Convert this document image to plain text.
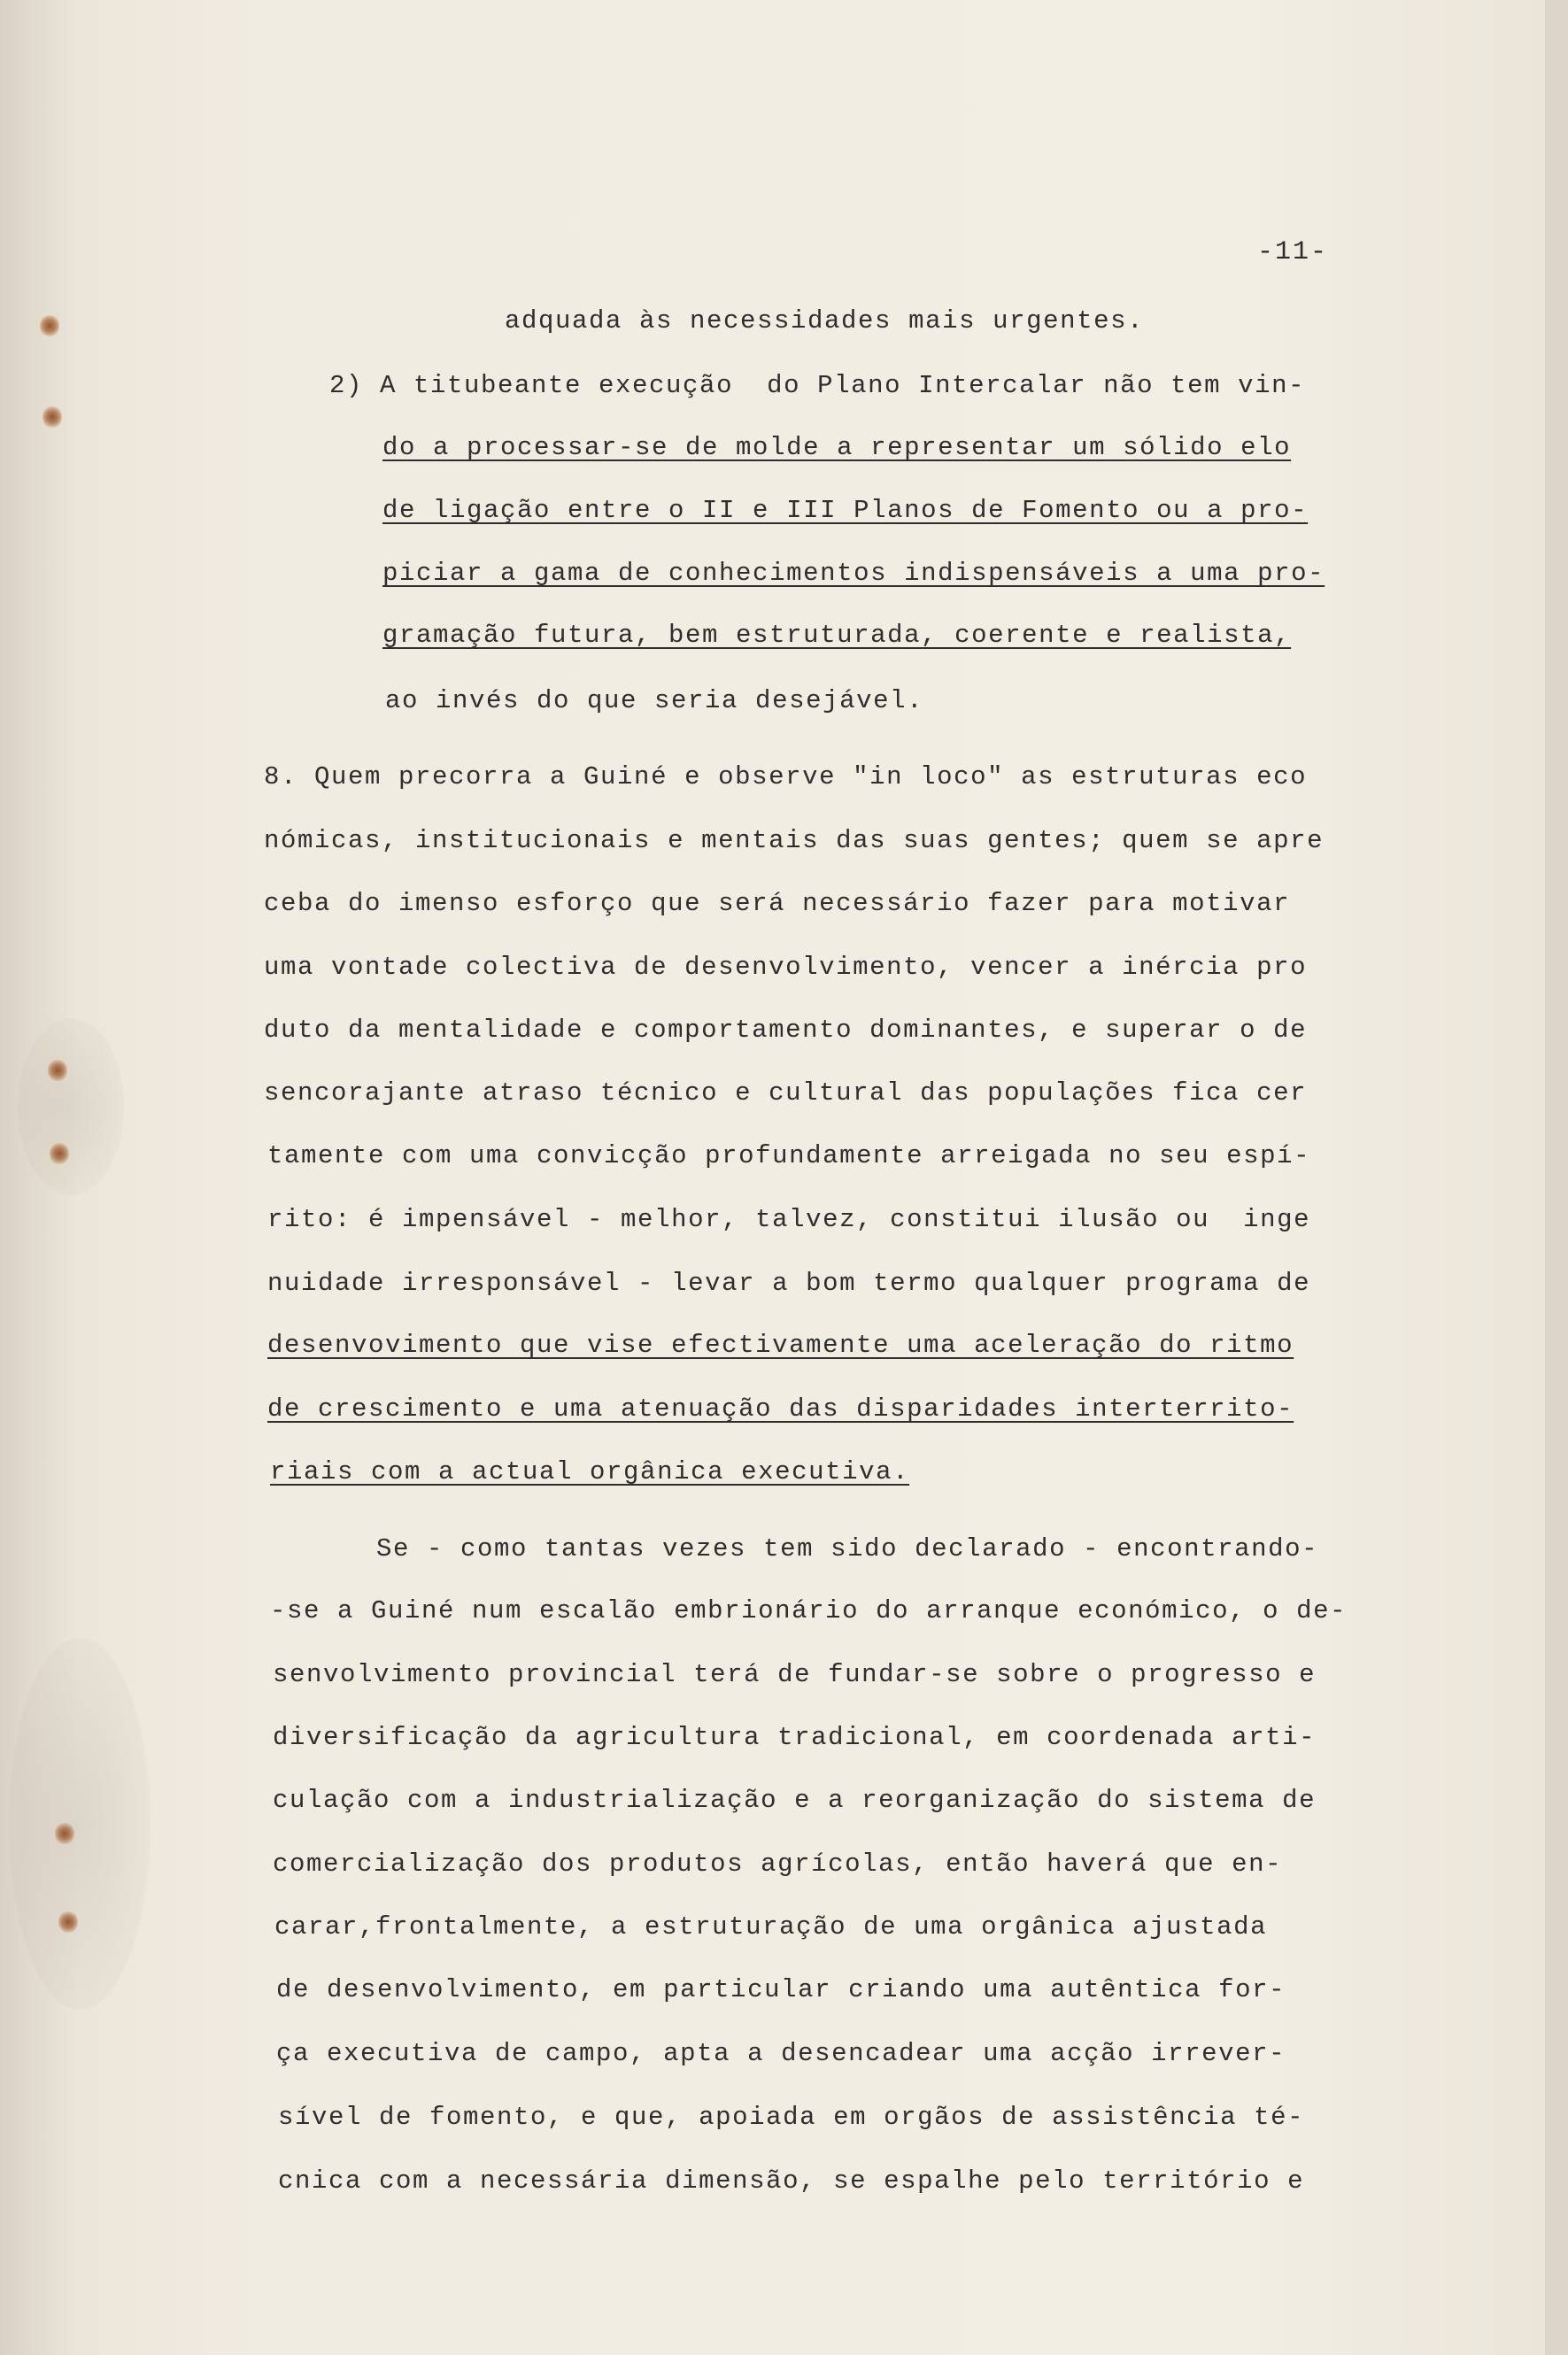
-11-
adquada às necessidades mais urgentes.
2) A titubeante execução  do Plano Intercalar não tem vin-
do a processar-se de molde a representar um sólido elo
de ligação entre o II e III Planos de Fomento ou a pro-
piciar a gama de conhecimentos indispensáveis a uma pro-
gramação futura, bem estruturada, coerente e realista,
ao invés do que seria desejável.
8. Quem precorra a Guiné e observe "in loco" as estruturas eco
nómicas, institucionais e mentais das suas gentes; quem se apre
ceba do imenso esforço que será necessário fazer para motivar
uma vontade colectiva de desenvolvimento, vencer a inércia pro
duto da mentalidade e comportamento dominantes, e superar o de
sencorajante atraso técnico e cultural das populações fica cer
tamente com uma convicção profundamente arreigada no seu espí-
rito: é impensável - melhor, talvez, constitui ilusão ou  inge
nuidade irresponsável - levar a bom termo qualquer programa de
desenvovimento que vise efectivamente uma aceleração do ritmo
de crescimento e uma atenuação das disparidades interterrito-
riais com a actual orgânica executiva.
Se - como tantas vezes tem sido declarado - encontrando-
-se a Guiné num escalão embrionário do arranque económico, o de-
senvolvimento provincial terá de fundar-se sobre o progresso e
diversificação da agricultura tradicional, em coordenada arti-
culação com a industrialização e a reorganização do sistema de
comercialização dos produtos agrícolas, então haverá que en-
carar,frontalmente, a estruturação de uma orgânica ajustada
de desenvolvimento, em particular criando uma autêntica for-
ça executiva de campo, apta a desencadear uma acção irrever-
sível de fomento, e que, apoiada em orgãos de assistência té-
cnica com a necessária dimensão, se espalhe pelo território e
